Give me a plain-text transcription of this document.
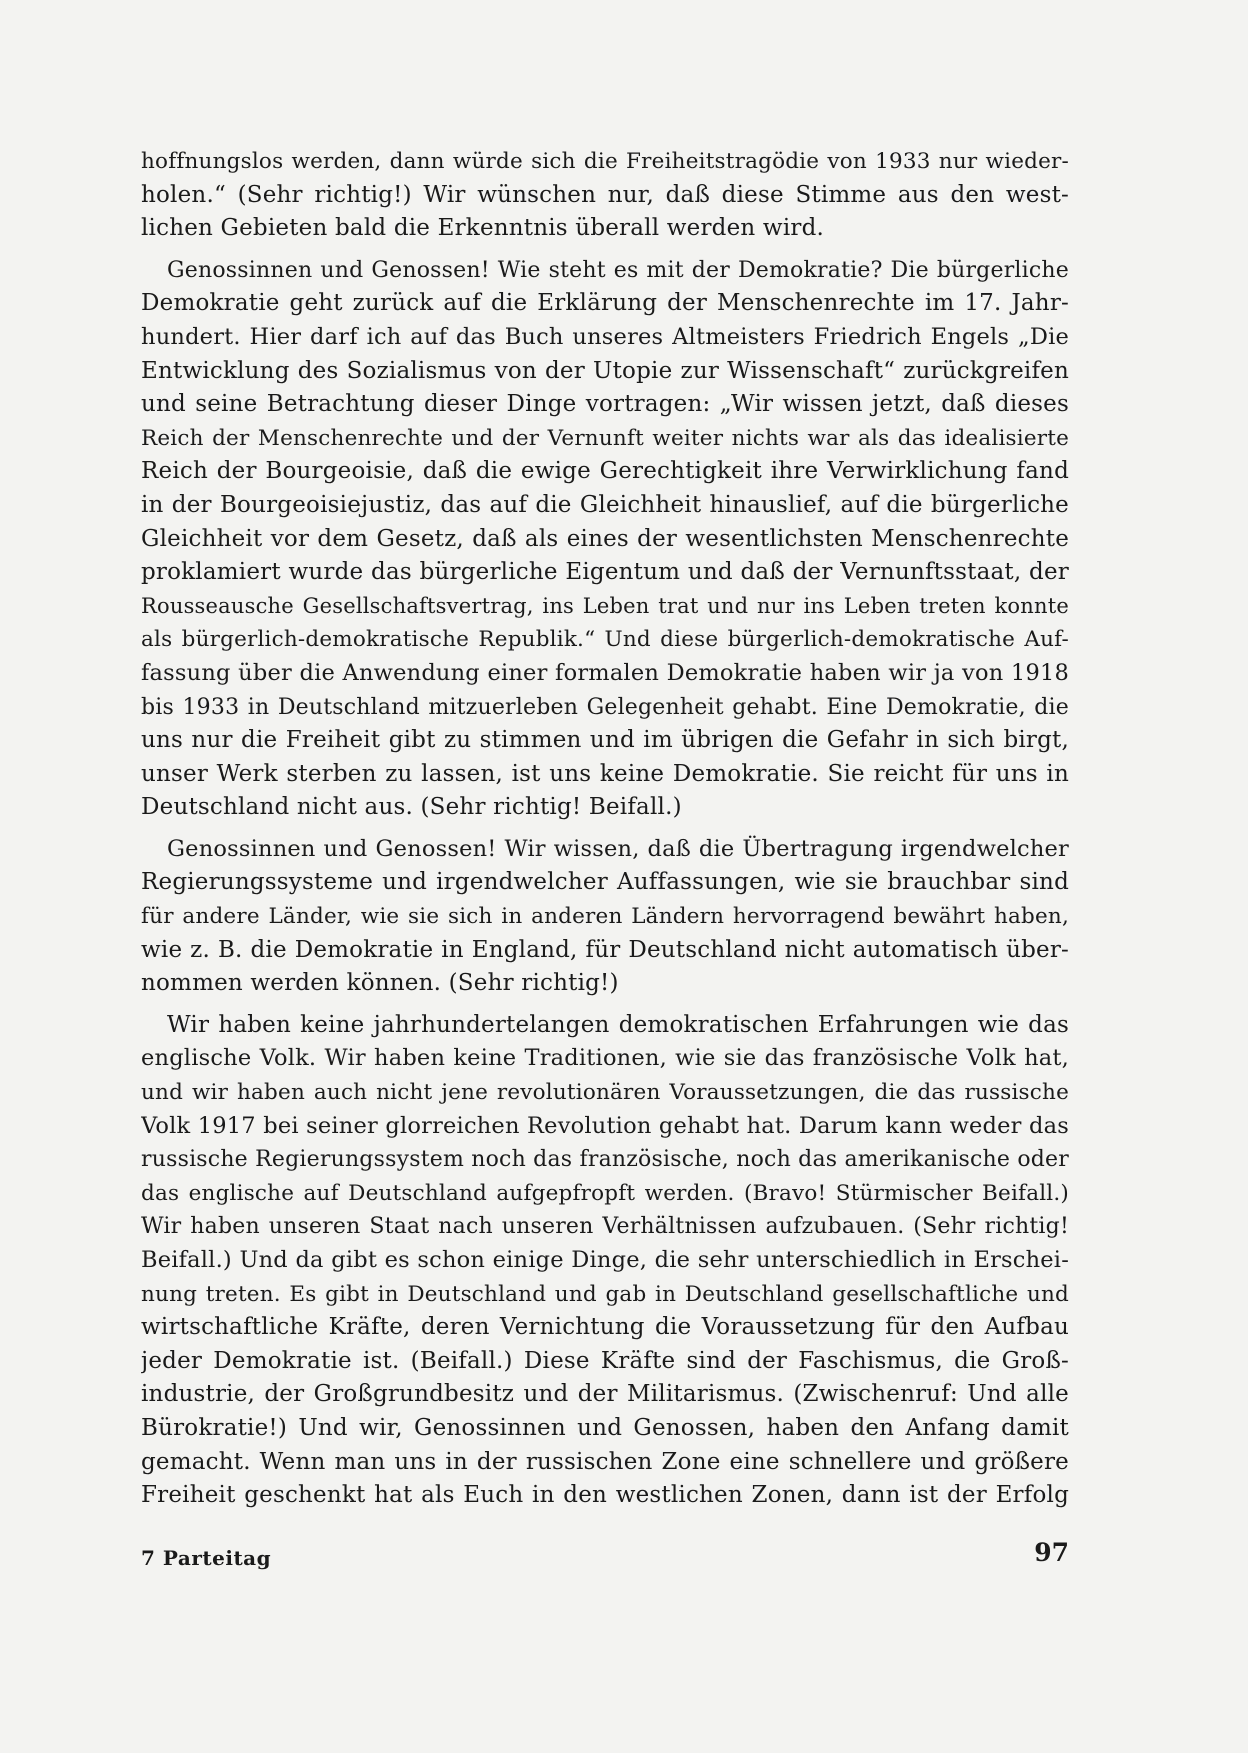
hoffnungslos werden, dann würde sich die Freiheitstragödie von 1933 nur wieder-
holen.“ (Sehr richtig!) Wir wünschen nur, daß diese Stimme aus den west-
lichen Gebieten bald die Erkenntnis überall werden wird.
Genossinnen und Genossen! Wie steht es mit der Demokratie? Die bürgerliche
Demokratie geht zurück auf die Erklärung der Menschenrechte im 17. Jahr-
hundert. Hier darf ich auf das Buch unseres Altmeisters Friedrich Engels „Die
Entwicklung des Sozialismus von der Utopie zur Wissenschaft“ zurückgreifen
und seine Betrachtung dieser Dinge vortragen: „Wir wissen jetzt, daß dieses
Reich der Menschenrechte und der Vernunft weiter nichts war als das idealisierte
Reich der Bourgeoisie, daß die ewige Gerechtigkeit ihre Verwirklichung fand
in der Bourgeoisiejustiz, das auf die Gleichheit hinauslief, auf die bürgerliche
Gleichheit vor dem Gesetz, daß als eines der wesentlichsten Menschenrechte
proklamiert wurde das bürgerliche Eigentum und daß der Vernunftsstaat, der
Rousseausche Gesellschaftsvertrag, ins Leben trat und nur ins Leben treten konnte
als bürgerlich-demokratische Republik.“ Und diese bürgerlich-demokratische Auf-
fassung über die Anwendung einer formalen Demokratie haben wir ja von 1918
bis 1933 in Deutschland mitzuerleben Gelegenheit gehabt. Eine Demokratie, die
uns nur die Freiheit gibt zu stimmen und im übrigen die Gefahr in sich birgt,
unser Werk sterben zu lassen, ist uns keine Demokratie. Sie reicht für uns in
Deutschland nicht aus. (Sehr richtig! Beifall.)
Genossinnen und Genossen! Wir wissen, daß die Übertragung irgendwelcher
Regierungssysteme und irgendwelcher Auffassungen, wie sie brauchbar sind
für andere Länder, wie sie sich in anderen Ländern hervorragend bewährt haben,
wie z. B. die Demokratie in England, für Deutschland nicht automatisch über-
nommen werden können. (Sehr richtig!)
Wir haben keine jahrhundertelangen demokratischen Erfahrungen wie das
englische Volk. Wir haben keine Traditionen, wie sie das französische Volk hat,
und wir haben auch nicht jene revolutionären Voraussetzungen, die das russische
Volk 1917 bei seiner glorreichen Revolution gehabt hat. Darum kann weder das
russische Regierungssystem noch das französische, noch das amerikanische oder
das englische auf Deutschland aufgepfropft werden. (Bravo! Stürmischer Beifall.)
Wir haben unseren Staat nach unseren Verhältnissen aufzubauen. (Sehr richtig!
Beifall.) Und da gibt es schon einige Dinge, die sehr unterschiedlich in Erschei-
nung treten. Es gibt in Deutschland und gab in Deutschland gesellschaftliche und
wirtschaftliche Kräfte, deren Vernichtung die Voraussetzung für den Aufbau
jeder Demokratie ist. (Beifall.) Diese Kräfte sind der Faschismus, die Groß-
industrie, der Großgrundbesitz und der Militarismus. (Zwischenruf: Und alle
Bürokratie!) Und wir, Genossinnen und Genossen, haben den Anfang damit
gemacht. Wenn man uns in der russischen Zone eine schnellere und größere
Freiheit geschenkt hat als Euch in den westlichen Zonen, dann ist der Erfolg
7 Parteitag	97
